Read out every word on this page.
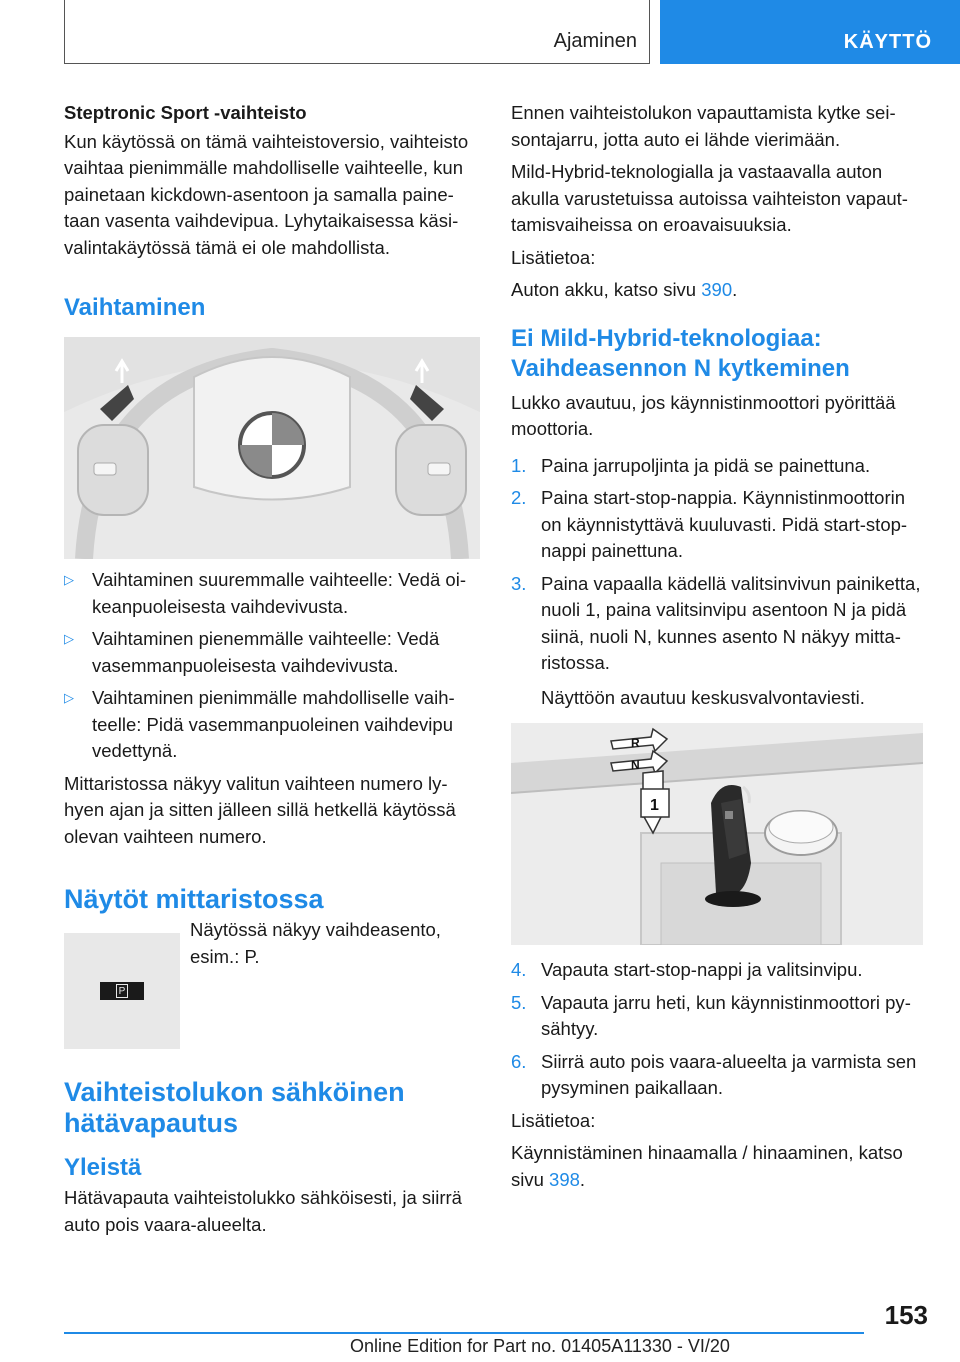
Ajaminen	KÄYTTÖ
Steptronic Sport -vaihteisto
Kun käytössä on tämä vaihteistoversio, vaihteisto vaihtaa pienimmälle mahdolliselle vaihteelle, kun painetaan kickdown-asentoon ja samalla painetaan vasenta vaihdevipua. Lyhytaikaisessa käsivalintakäytössä tämä ei ole mahdollista.
Vaihtaminen
▷ Vaihtaminen suuremmalle vaihteelle: Vedä oikeanpuoleisesta vaihdevivusta.
▷ Vaihtaminen pienemmälle vaihteelle: Vedä vasemmanpuoleisesta vaihdevivusta.
▷ Vaihtaminen pienimmälle mahdolliselle vaihteelle: Pidä vasemmanpuoleinen vaihdevipu vedettynä.
Mittaristossa näkyy valitun vaihteen numero lyhyen ajan ja sitten jälleen sillä hetkellä käytössä olevan vaihteen numero.
Näytöt mittaristossa
P
Näytössä näkyy vaihdeasento, esim.: P.
Vaihteistolukon sähköinen hätävapautus
Yleistä
Hätävapauta vaihteistolukko sähköisesti, ja siirrä auto pois vaara-alueelta.
Ennen vaihteistolukon vapauttamista kytke seisontajarru, jotta auto ei lähde vierimään.
Mild-Hybrid-teknologialla ja vastaavalla auton akulla varustetuissa autoissa vaihteiston vapauttamisvaiheissa on eroavaisuuksia.
Lisätietoa:
Auton akku, katso sivu 390.
Ei Mild-Hybrid-teknologiaa: Vaihdeasennon N kytkeminen
Lukko avautuu, jos käynnistinmoottori pyörittää moottoria.
1. Paina jarrupoljinta ja pidä se painettuna.
2. Paina start-stop-nappia. Käynnistinmoottorin on käynnistyttävä kuuluvasti. Pidä start-stop-nappi painettuna.
3. Paina vapaalla kädellä valitsinvivun painiketta, nuoli 1, paina valitsinvipu asentoon N ja pidä siinä, nuoli N, kunnes asento N näkyy mittaristossa.
Näyttöön avautuu keskusvalvontaviesti.
R
N
1
4. Vapauta start-stop-nappi ja valitsinvipu.
5. Vapauta jarru heti, kun käynnistinmoottori pysähtyy.
6. Siirrä auto pois vaara-alueelta ja varmista sen pysyminen paikallaan.
Lisätietoa:
Käynnistäminen hinaamalla / hinaaminen, katso sivu 398.
153
Online Edition for Part no. 01405A11330 - VI/20
